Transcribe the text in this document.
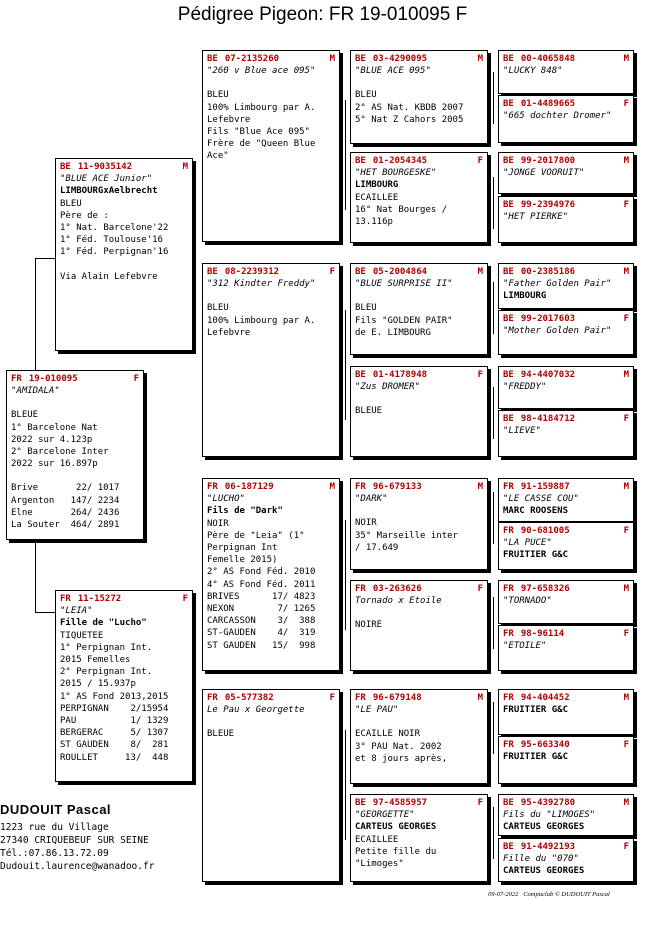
Pédigree Pigeon: FR 19-010095 F
FR 19-010095	F
"AMIDALA"
BLEUE
1° Barcelone Nat
2022 sur 4.123p
2° Barcelone Inter
2022 sur 16.897p
Brive       22/ 1017
Argenton   147/ 2234
Elne       264/ 2436
La Souter  464/ 2891
BE 11-9035142	M
"BLUE ACE Junior"
LIMBOURGxAelbrecht
BLEU
Père de :
1° Nat. Barcelone'22
1° Féd. Toulouse'16
1° Féd. Perpignan'16
Via Alain Lefebvre
FR 11-15272	F
"LEIA"
Fille de "Lucho"
TIQUETEE
1° Perpignan Int.
2015 Femelles
2° Perpignan Int.
2015 / 15.937p
1° AS Fond 2013,2015
PERPIGNAN    2/15954
PAU          1/ 1329
BERGERAC     5/ 1307
ST GAUDEN    8/  281
ROULLET     13/  448
BE 07-2135260	M
"260 v Blue ace 095"
BLEU
100% Limbourg par A.
Lefebvre
Fils "Blue Ace 095"
Frère de "Queen Blue
Ace"
BE 08-2239312	F
"312 Kindter Freddy"
BLEU
100% Limbourg par A.
Lefebvre
FR 06-187129	M
"LUCHO"
Fils de "Dark"
NOIR
Père de "Leia" (1°
Perpignan Int
Femelle 2015)
2° AS Fond Féd. 2010
4° AS Fond Féd. 2011
BRIVES      17/ 4823
NEXON        7/ 1265
CARCASSON    3/  388
ST-GAUDEN    4/  319
ST GAUDEN   15/  998
FR 05-577382	F
Le Pau x Georgette
BLEUE
BE 03-4290095	M
"BLUE ACE 095"
BLEU
2° AS Nat. KBDB 2007
5° Nat Z Cahors 2005
BE 01-2054345	F
"HET BOURGESKE"
LIMBOURG
ECAILLEE
16° Nat Bourges /
13.116p
BE 05-2004864	M
"BLUE SURPRISE II"
BLEU
Fils "GOLDEN PAIR"
de E. LIMBOURG
BE 01-4178948	F
"Zus DROMER"
BLEUE
FR 96-679133	M
"DARK"
NOIR
35° Marseille inter
/ 17.649
FR 03-263626	F
Tornado x Etoile
NOIRE
FR 96-679148	M
"LE PAU"
ECAILLE NOIR
3° PAU Nat. 2002
et 8 jours après,
BE 97-4585957	F
"GEORGETTE"
CARTEUS GEORGES
ECAILLEE
Petite fille du
"Limoges"
BE 00-4065848	M
"LUCKY 848"
BE 01-4489665	F
"665 dochter Dromer"
BE 99-2017800	M
"JONGE VOORUIT"
BE 99-2394976	F
"HET PIERKE"
BE 00-2385186	M
"Father Golden Pair"
LIMBOURG
BE 99-2017603	F
"Mother Golden Pair"
BE 94-4407032	M
"FREDDY"
BE 98-4184712	F
"LIEVE"
FR 91-159887	M
"LE CASSE COU"
MARC ROOSENS
FR 90-681005	F
"LA PUCE"
FRUITIER G&C
FR 97-658326	M
"TORNADO"
FR 98-96114	F
"ETOILE"
FR 94-404452	M
FRUITIER G&C
FR 95-663340	F
FRUITIER G&C
BE 95-4392780	M
Fils du "LIMOGES"
CARTEUS GEORGES
BE 91-4492193	F
Fille du "070"
CARTEUS GEORGES
DUDOUIT Pascal
1223 rue du Village
27340 CRIQUEBEUF SUR SEINE
Tél.:07.86.13.72.09
Dudouit.laurence@wanadoo.fr
09-07-2022 Compuclub © DUDOUIT Pascal
